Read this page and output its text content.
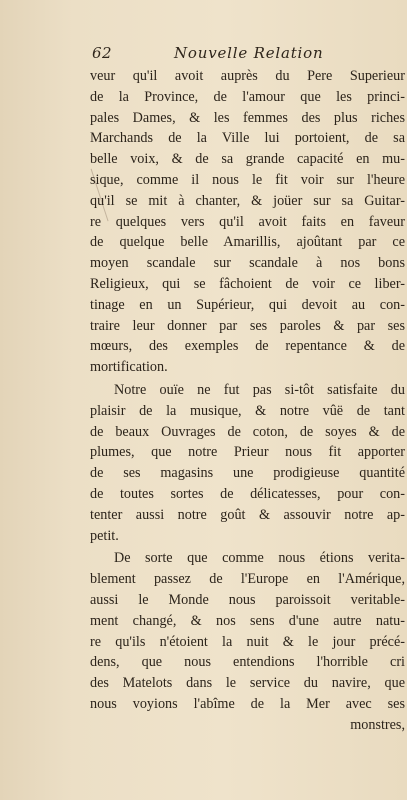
62	Nouvelle Relation
veur qu'il avoit auprès du Pere Superieur
de la Province, de l'amour que les princi-
pales Dames, & les femmes des plus riches
Marchands de la Ville lui portoient, de sa
belle voix, & de sa grande capacité en mu-
sique, comme il nous le fit voir sur l'heure
qu'il se mit à chanter, & joüer sur sa Guitar-
re quelques vers qu'il avoit faits en faveur
de quelque belle Amarillis, ajoûtant par ce
moyen scandale sur scandale à nos bons
Religieux, qui se fâchoient de voir ce liber-
tinage en un Supérieur, qui devoit au con-
traire leur donner par ses paroles & par ses
mœurs, des exemples de repentance & de
mortification.
Notre ouïe ne fut pas si-tôt satisfaite du
plaisir de la musique, & notre vûë de tant
de beaux Ouvrages de coton, de soyes & de
plumes, que notre Prieur nous fit apporter
de ses magasins une prodigieuse quantité
de toutes sortes de délicatesses, pour con-
tenter aussi notre goût & assouvir notre ap-
petit.
De sorte que comme nous étions verita-
blement passez de l'Europe en l'Amérique,
aussi le Monde nous paroissoit veritable-
ment changé, & nos sens d'une autre natu-
re qu'ils n'étoient la nuit & le jour précé-
dens, que nous entendions l'horrible cri
des Matelots dans le service du navire, que
nous voyions l'abîme de la Mer avec ses
monstres,
